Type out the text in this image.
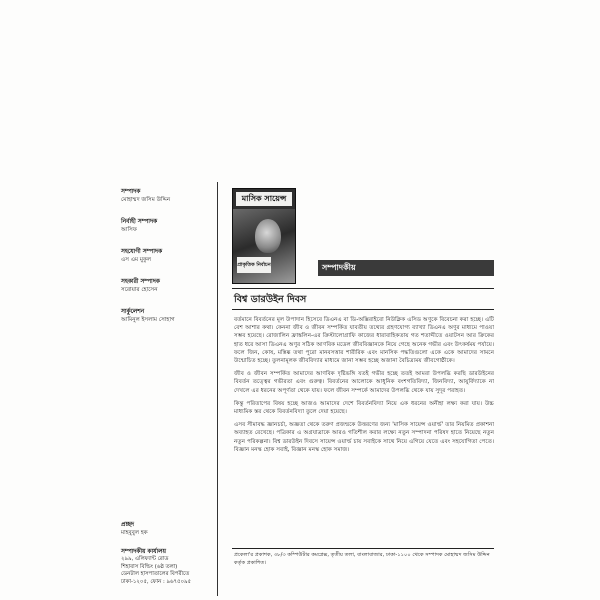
সম্পাদক
মোহাম্মদ জসিম উদ্দিন
নির্বাহী সম্পাদক
আসিফ
সহযোগী সম্পাদক
এস এম মুকুল
সহকারী সম্পাদক
সরোয়ার হোসেন
সার্কুলেশন
আমিনুল ইসলাম সোহাগ
প্রচ্ছদ
মাহবুবুল হক
সম্পাদকীয় কার্যালয়
২৯৯, এলিফ্যান্ট রোড
শিহাবাস বিল্ডিং (৬ষ্ঠ তলা)
ডেনটাল হাসপাতালের বিপরীতে
ঢাকা-১২০৫, ফোন : ৯৬৭৫০৯৫
মাসিক সায়েন্স
প্রাকৃতিক নির্বাচন	সম্পাদকীয়
বিশ্ব ডারউইন দিবস

বর্তমানে বিবর্তনের মূল উপাদান হিসেবে ডিএনএ বা ডি-অক্সিরাইবো নিউক্লিক এসিড অণুকে বিবেচনা করা হচ্ছে। এটি বেশ আশার কথা। কেননা জীব ও জীবন সম্পর্কিত যাবতীয় তথ্যের গ্রহণযোগ্য ব্যাখ্যা ডিএনএ অণুর মাধ্যমে পাওয়া সম্ভব হয়েছে। রোজালিন ফ্রাঙ্কলিন-এর ক্রিস্টালোগ্রাফি কাজের ধারাবাহিকতায় গত শতাব্দীতে ওয়াটসন আর ক্রিকের হাত ধরে আসা ডিএনএ অণুর সঠিক আণবিক মডেল জীববিজ্ঞানকে নিয়ে গেছে অনেক গভীর এবং উৎকর্ষময় পর্যায়ে। ফলে জিন, কোষ, মস্তিষ্ক তথা পুরো মানবসত্তার শারীরিক এবং মানসিক পদ্ধতিগুলো একে একে আমাদের সামনে উন্মোচিত হচ্ছে। তুলনামূলক জীববিদ্যার মাধ্যমে জানা সম্ভব হচ্ছে অজানা বৈচিত্র্যময় জীবগোষ্ঠীকে।

জীব ও জীবন সম্পর্কিত আমাদের আণবিক দৃষ্টিভঙ্গি যতই গভীর হচ্ছে ততই আমরা উপলব্ধি করছি ডারউইনের বিবর্তন তত্ত্বের গভীরতা এবং গুরুত্ব। বিবর্তনের আলোকে আধুনিক বংশগতিবিদ্যা, জিনবিদ্যা, আয়ুর্বিদ্যাকে না দেখলে এর ধরনের অপূর্ণতা থেকে যায়। ফলে জীবন সম্পর্কে আমাদের উপলব্ধি থেকে যায় সুদূর পরাহত।

কিন্তু পরিতাপের বিষয় হচ্ছে আজও আমাদের দেশে বিবর্তনবিদ্যা নিয়ে এক ধরনের অনীহা লক্ষ্য করা যায়। উচ্চ মাধ্যমিক স্তর থেকে বিবর্তনবিদ্যা তুলে দেয়া হয়েছে।

এসব সীমাবদ্ধ জ্ঞানচর্চা, অজ্ঞতা থেকে তরুণ প্রজন্মকে উত্তরণের জন্য 'মাসিক সায়েন্স ওয়ার্ল্ড' তার নিয়মিত প্রকাশনা অব্যাহত রেখেছে। পত্রিকার এ অগ্রযাত্রাকে আরও গতিশীল করার লক্ষ্যে নতুন সম্পাদনা পরিষদ হাতে নিয়েছে নতুন নতুন পরিকল্পনা। বিশ্ব ডারউইন দিবসে সায়েন্স ওয়ার্ল্ড চায় সবাইকে সাথে নিয়ে এগিয়ে যেতে এবং সহযোগিতা পেতে। বিজ্ঞান মনস্ক হোক সবাই, বিজ্ঞান মনস্ক হোক সমাজ।

প্রকেলা'র প্রকাশক, ৩৮/৩ কম্পিউটার কমপ্লেক্স, তৃতীয় তলা, বাংলাবাজার, ঢাকা-১১০০ থেকে সম্পাদক মোহাম্মদ জসিম উদ্দিন কর্তৃক প্রকাশিত।
